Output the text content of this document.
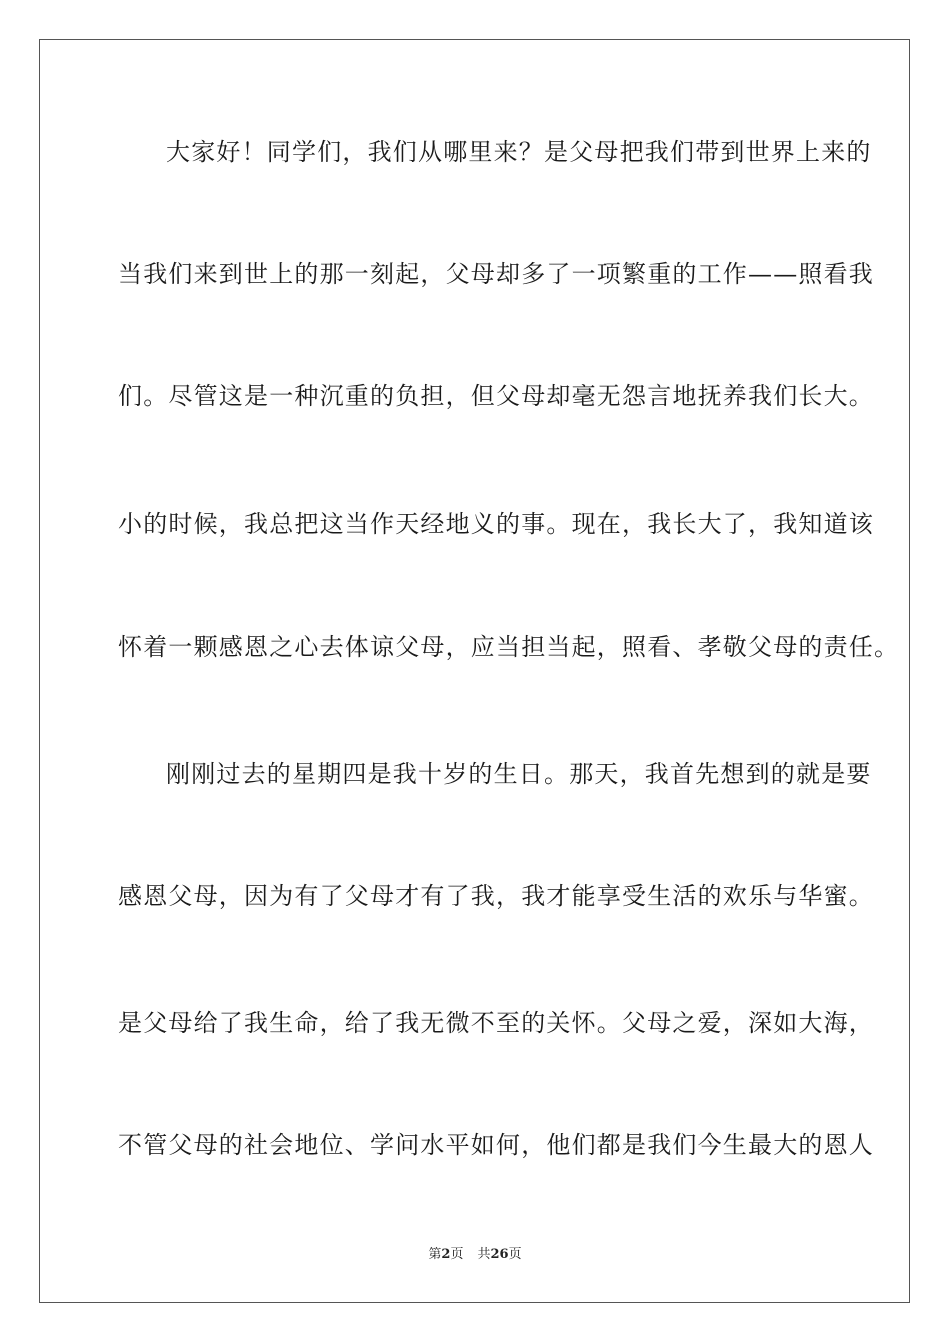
大家好！同学们，我们从哪里来？是父母把我们带到世界上来的
当我们来到世上的那一刻起，父母却多了一项繁重的工作——照看我
们。尽管这是一种沉重的负担，但父母却毫无怨言地抚养我们长大。
小的时候，我总把这当作天经地义的事。现在，我长大了，我知道该
怀着一颗感恩之心去体谅父母，应当担当起，照看、孝敬父母的责任。
刚刚过去的星期四是我十岁的生日。那天，我首先想到的就是要
感恩父母，因为有了父母才有了我，我才能享受生活的欢乐与华蜜。
是父母给了我生命，给了我无微不至的关怀。父母之爱，深如大海，
不管父母的社会地位、学问水平如何，他们都是我们今生最大的恩人
第2页 共26页
